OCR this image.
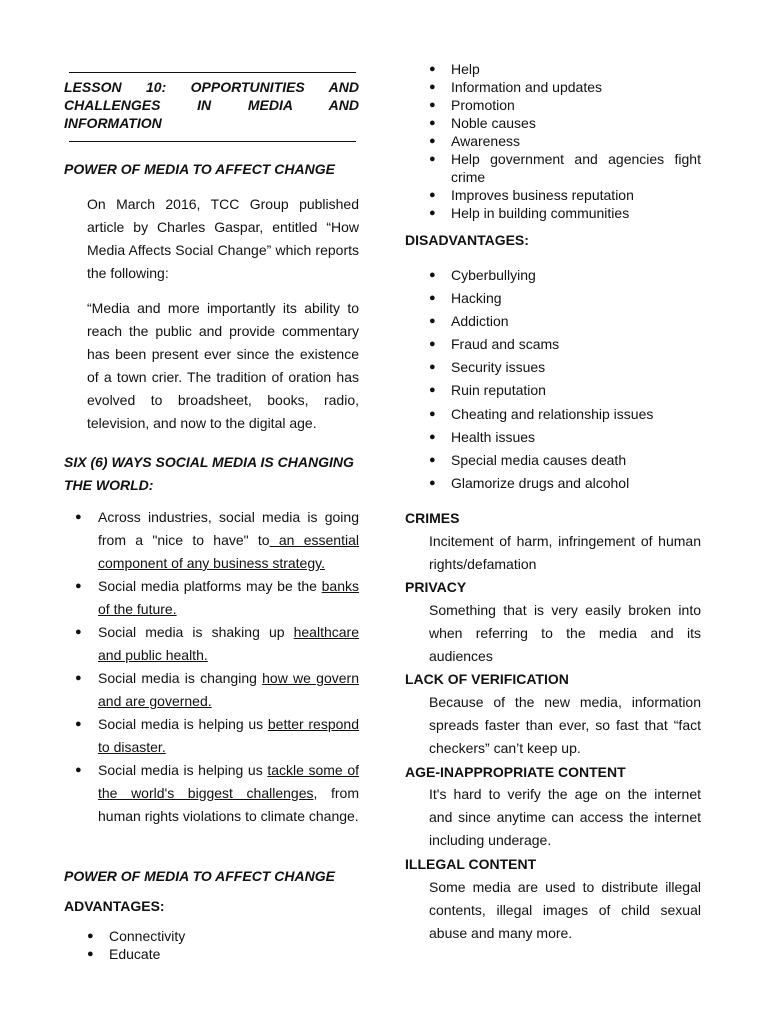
LESSON 10: OPPORTUNITIES AND CHALLENGES IN MEDIA AND INFORMATION
POWER OF MEDIA TO AFFECT CHANGE

On March 2016, TCC Group published article by Charles Gaspar, entitled “How Media Affects Social Change” which reports the following:

“Media and more importantly its ability to reach the public and provide commentary has been present ever since the existence of a town crier. The tradition of oration has evolved to broadsheet, books, radio, television, and now to the digital age.

SIX (6) WAYS SOCIAL MEDIA IS CHANGING THE WORLD:
● Across industries, social media is going from a "nice to have" to an essential component of any business strategy.
● Social media platforms may be the banks of the future.
● Social media is shaking up healthcare and public health.
● Social media is changing how we govern and are governed.
● Social media is helping us better respond to disaster.
● Social media is helping us tackle some of the world's biggest challenges, from human rights violations to climate change.
POWER OF MEDIA TO AFFECT CHANGE
ADVANTAGES:
● Connectivity
● Educate
● Help
● Information and updates
● Promotion
● Noble causes
● Awareness
● Help government and agencies fight crime
● Improves business reputation
● Help in building communities
DISADVANTAGES:
● Cyberbullying
● Hacking
● Addiction
● Fraud and scams
● Security issues
● Ruin reputation
● Cheating and relationship issues
● Health issues
● Special media causes death
● Glamorize drugs and alcohol
CRIMES
Incitement of harm, infringement of human rights/defamation
PRIVACY
Something that is very easily broken into when referring to the media and its audiences
LACK OF VERIFICATION
Because of the new media, information spreads faster than ever, so fast that “fact checkers” can’t keep up.
AGE-INAPPROPRIATE CONTENT
It's hard to verify the age on the internet and since anytime can access the internet including underage.
ILLEGAL CONTENT
Some media are used to distribute illegal contents, illegal images of child sexual abuse and many more.
